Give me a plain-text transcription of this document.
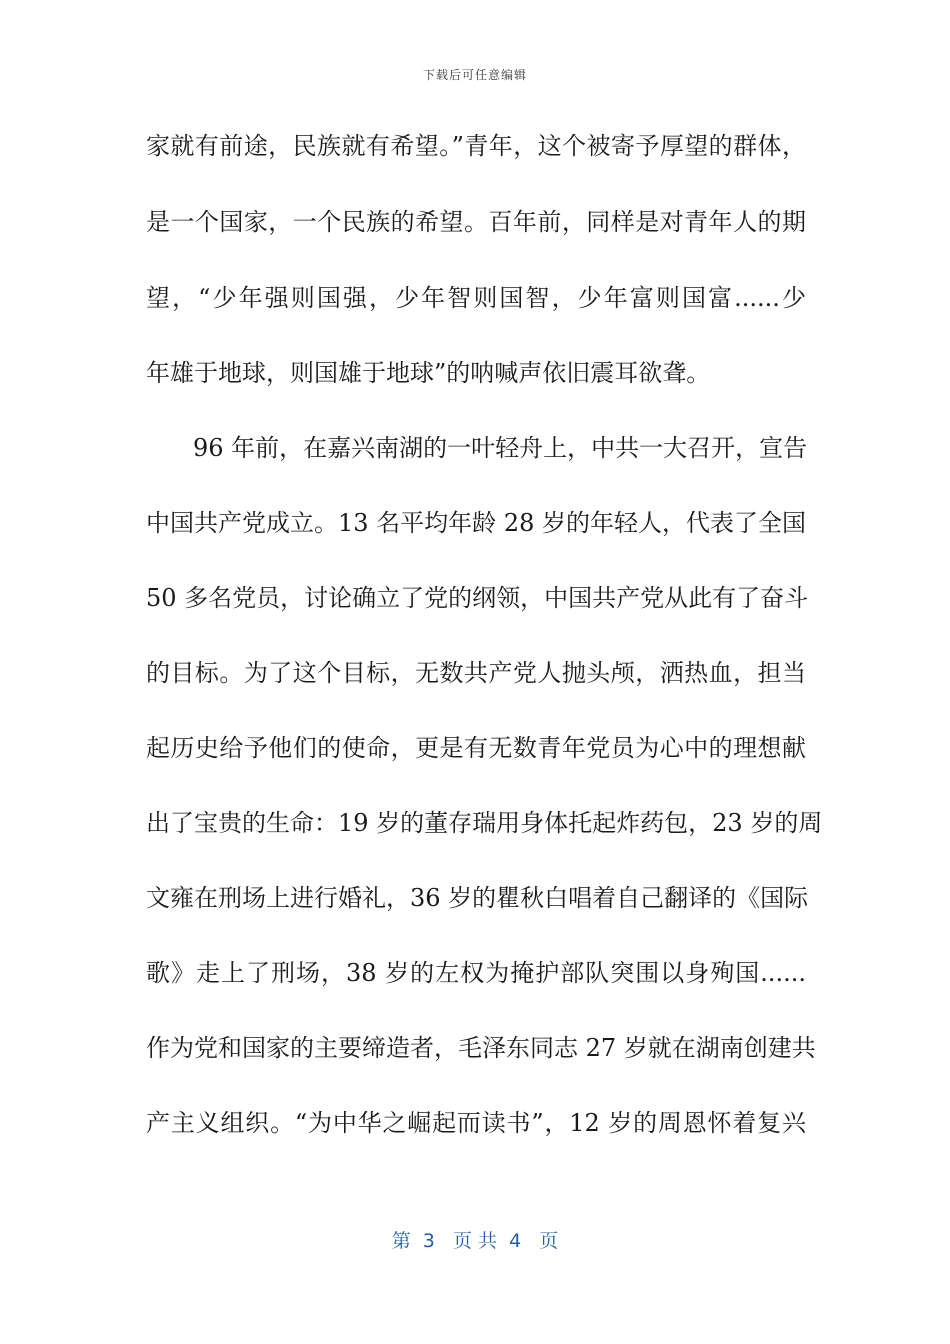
下载后可任意编辑
家就有前途，民族就有希望。”青年，这个被寄予厚望的群体，
是一个国家，一个民族的希望。百年前，同样是对青年人的期
望，“少年强则国强，少年智则国智，少年富则国富......少
年雄于地球，则国雄于地球”的呐喊声依旧震耳欲聋。
96 年前，在嘉兴南湖的一叶轻舟上，中共一大召开，宣告
中国共产党成立。13 名平均年龄 28 岁的年轻人，代表了全国
50 多名党员，讨论确立了党的纲领，中国共产党从此有了奋斗
的目标。为了这个目标，无数共产党人抛头颅，洒热血，担当
起历史给予他们的使命，更是有无数青年党员为心中的理想献
出了宝贵的生命：19 岁的董存瑞用身体托起炸药包，23 岁的周
文雍在刑场上进行婚礼，36 岁的瞿秋白唱着自己翻译的《国际
歌》走上了刑场，38 岁的左权为掩护部队突围以身殉国......
作为党和国家的主要缔造者，毛泽东同志 27 岁就在湖南创建共
产主义组织。“为中华之崛起而读书”，12 岁的周恩怀着复兴
第  3   页 共  4   页
